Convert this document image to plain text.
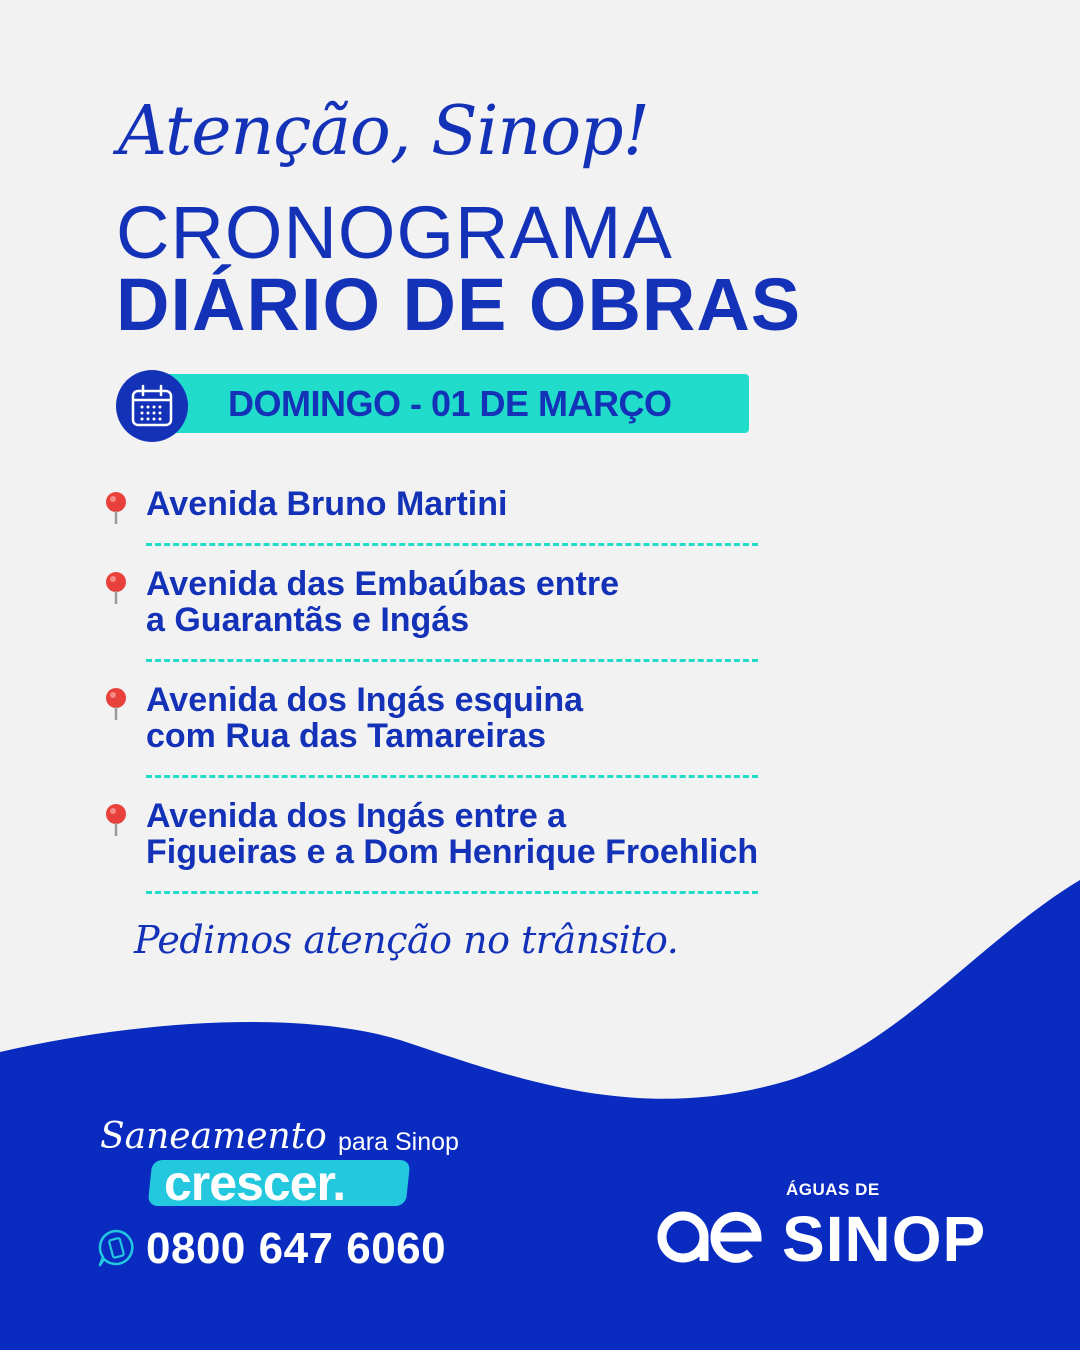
Atenção, Sinop!
CRONOGRAMA
DIÁRIO DE OBRAS
DOMINGO - 01 DE MARÇO
Avenida Bruno Martini
Avenida das Embaúbas entre
a Guarantãs e Ingás
Avenida dos Ingás esquina
com Rua das Tamareiras
Avenida dos Ingás entre a
Figueiras e a Dom Henrique Froehlich
Pedimos atenção no trânsito.
Saneamento para Sinop
crescer.
0800 647 6060
ÁGUAS DE
SINOP
